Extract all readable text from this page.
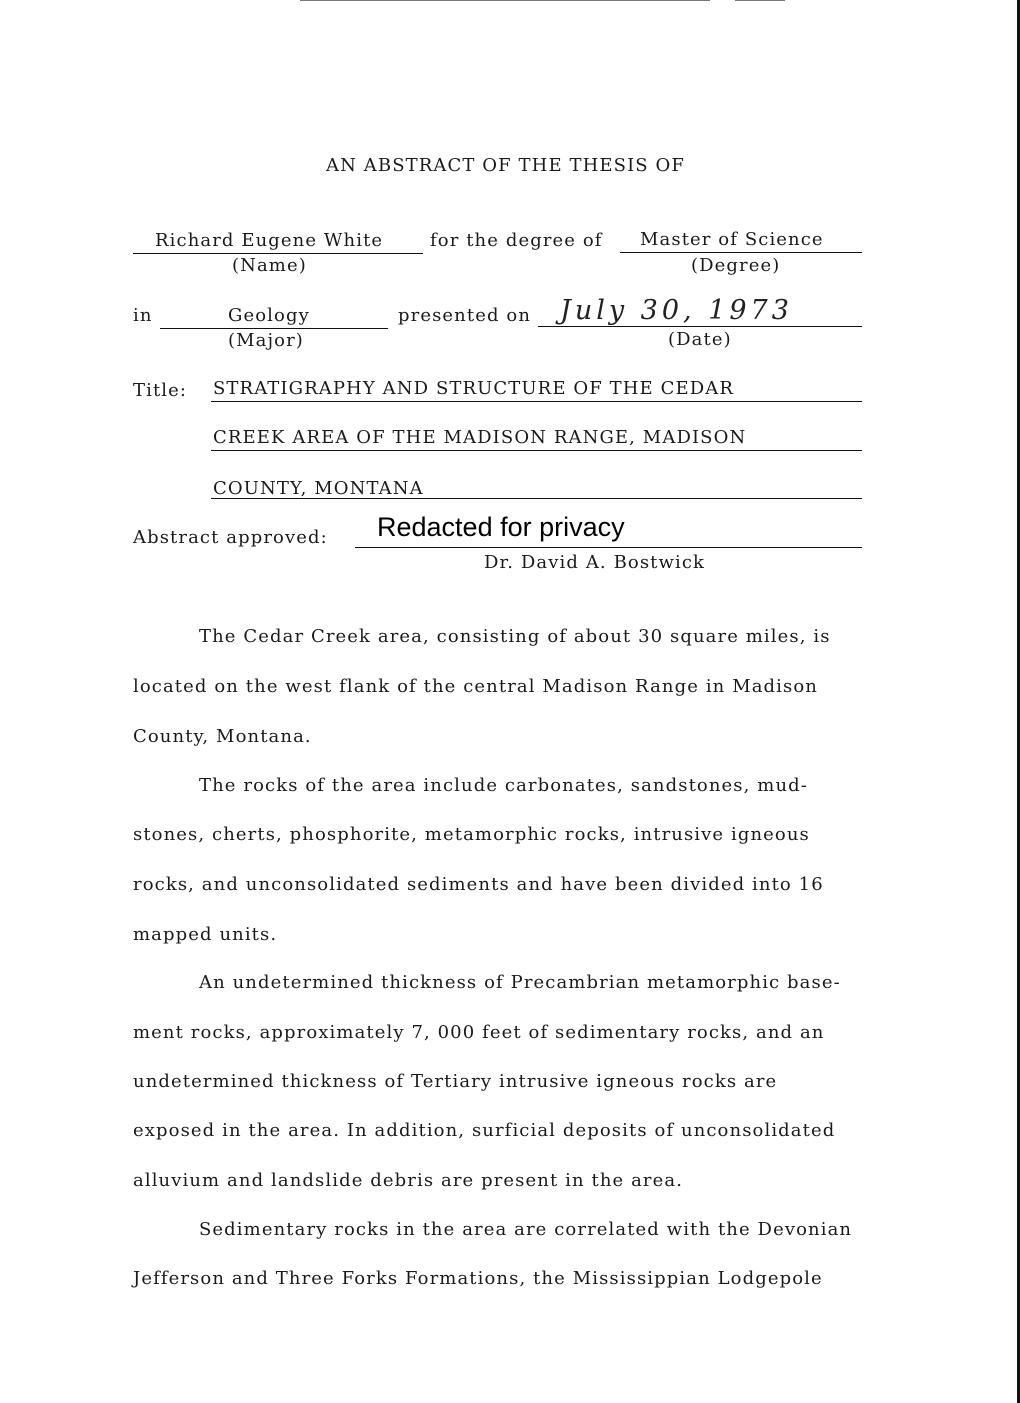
AN ABSTRACT OF THE THESIS OF
Richard Eugene White
(Name)
for the degree of Master of Science
(Degree)
in	Geology
(Major)
presented on July 30, 1973
(Date)
Title: STRATIGRAPHY AND STRUCTURE OF THE CEDAR
CREEK AREA OF THE MADISON RANGE, MADISON
COUNTY, MONTANA
Abstract approved: Redacted for privacy
Dr. David A. Bostwick
The Cedar Creek area, consisting of about 30 square miles, is
located on the west flank of the central Madison Range in Madison
County, Montana.
The rocks of the area include carbonates, sandstones, mud-
stones, cherts, phosphorite, metamorphic rocks, intrusive igneous
rocks, and unconsolidated sediments and have been divided into 16
mapped units.
An undetermined thickness of Precambrian metamorphic base-
ment rocks, approximately 7, 000 feet of sedimentary rocks, and an
undetermined thickness of Tertiary intrusive igneous rocks are
exposed in the area. In addition, surficial deposits of unconsolidated
alluvium and landslide debris are present in the area.
Sedimentary rocks in the area are correlated with the Devonian
Jefferson and Three Forks Formations, the Mississippian Lodgepole
